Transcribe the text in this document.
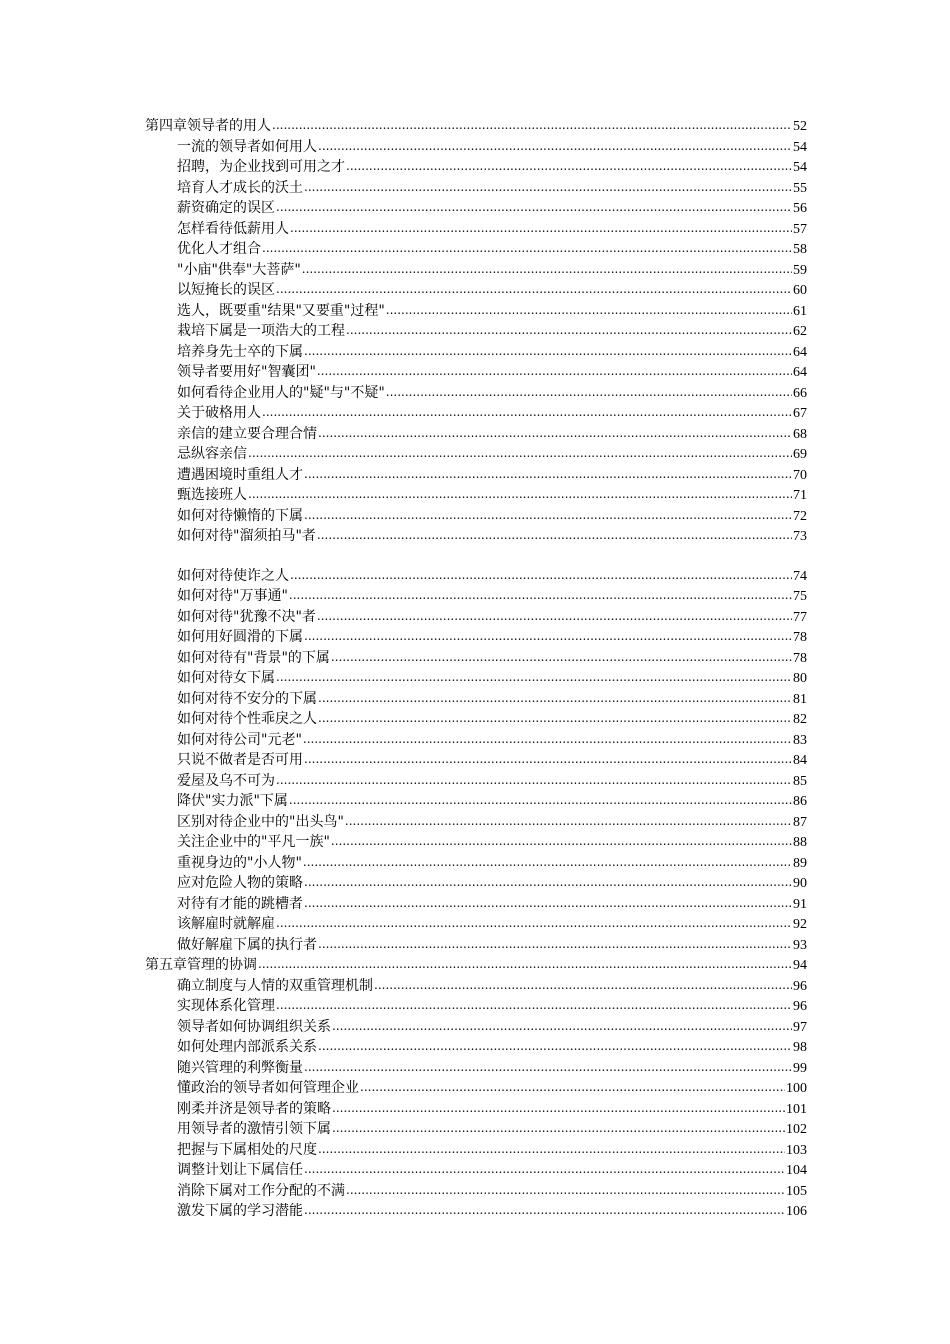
第四章领导者的用人 .....	52
一流的领导者如何用人 .....	54
招聘，为企业找到可用之才 .....	54
培育人才成长的沃土 .....	55
薪资确定的误区 .....	56
怎样看待低薪用人 .....	57
优化人才组合 .....	58
"小庙"供奉"大菩萨" .....	59
以短掩长的误区 .....	60
选人，既要重"结果"又要重"过程" .....	61
栽培下属是一项浩大的工程 .....	62
培养身先士卒的下属 .....	64
领导者要用好"智囊团" .....	64
如何看待企业用人的"疑"与"不疑" .....	66
关于破格用人 .....	67
亲信的建立要合理合情 .....	68
忌纵容亲信 .....	69
遭遇困境时重组人才 .....	70
甄选接班人 .....	71
如何对待懒惰的下属 .....	72
如何对待"溜须拍马"者 .....	73
如何对待使诈之人 .....	74
如何对待"万事通" .....	75
如何对待"犹豫不决"者 .....	77
如何用好圆滑的下属 .....	78
如何对待有"背景"的下属 .....	78
如何对待女下属 .....	80
如何对待不安分的下属 .....	81
如何对待个性乖戾之人 .....	82
如何对待公司"元老" .....	83
只说不做者是否可用 .....	84
爱屋及乌不可为 .....	85
降伏"实力派"下属 .....	86
区别对待企业中的"出头鸟" .....	87
关注企业中的"平凡一族" .....	88
重视身边的"小人物" .....	89
应对危险人物的策略 .....	90
对待有才能的跳槽者 .....	91
该解雇时就解雇 .....	92
做好解雇下属的执行者 .....	93
第五章管理的协调 .....	94
确立制度与人情的双重管理机制 .....	96
实现体系化管理 .....	96
领导者如何协调组织关系 .....	97
如何处理内部派系关系 .....	98
随兴管理的利弊衡量 .....	99
懂政治的领导者如何管理企业 .....	100
刚柔并济是领导者的策略 .....	101
用领导者的激情引领下属 .....	102
把握与下属相处的尺度 .....	103
调整计划让下属信任 .....	104
消除下属对工作分配的不满 .....	105
激发下属的学习潜能 .....	106
